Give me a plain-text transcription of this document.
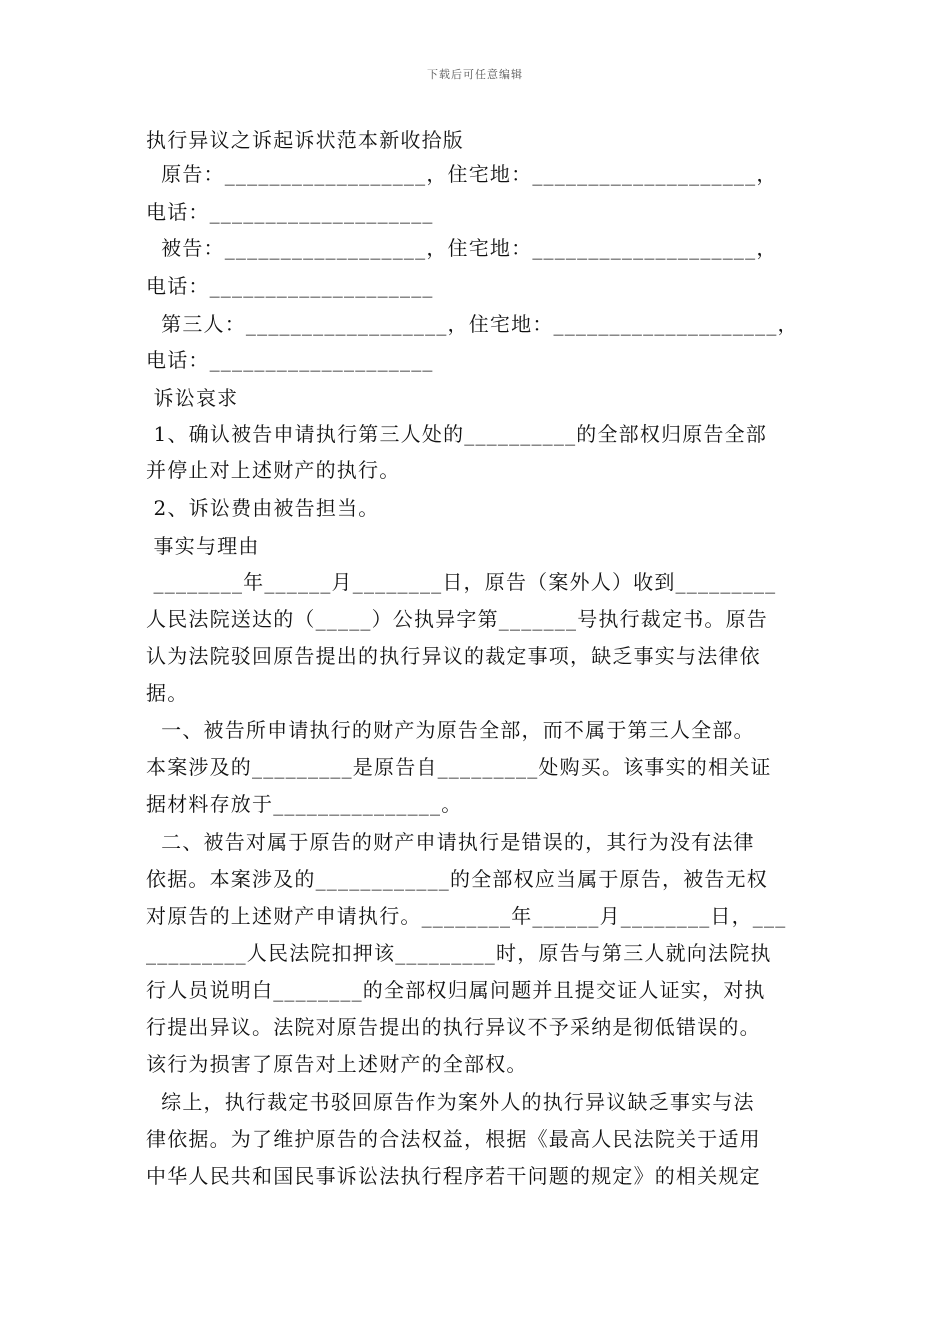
下载后可任意编辑
执行异议之诉起诉状范本新收拾版
原告：__________________，住宅地：____________________，
电话：____________________
被告：__________________，住宅地：____________________，
电话：____________________
第三人：__________________，住宅地：____________________，
电话：____________________
诉讼哀求
1、确认被告申请执行第三人处的__________的全部权归原告全部
并停止对上述财产的执行。
2、诉讼费由被告担当。
事实与理由
________年______月________日，原告（案外人）收到_________
人民法院送达的（_____）公执异字第_______号执行裁定书。原告
认为法院驳回原告提出的执行异议的裁定事项，缺乏事实与法律依
据。
一、被告所申请执行的财产为原告全部，而不属于第三人全部。
本案涉及的_________是原告自_________处购买。该事实的相关证
据材料存放于_______________。
二、被告对属于原告的财产申请执行是错误的，其行为没有法律
依据。本案涉及的____________的全部权应当属于原告，被告无权
对原告的上述财产申请执行。________年______月________日，___
_________人民法院扣押该_________时，原告与第三人就向法院执
行人员说明白________的全部权归属问题并且提交证人证实，对执
行提出异议。法院对原告提出的执行异议不予采纳是彻低错误的。
该行为损害了原告对上述财产的全部权。
综上，执行裁定书驳回原告作为案外人的执行异议缺乏事实与法
律依据。为了维护原告的合法权益，根据《最高人民法院关于适用
中华人民共和国民事诉讼法执行程序若干问题的规定》的相关规定
